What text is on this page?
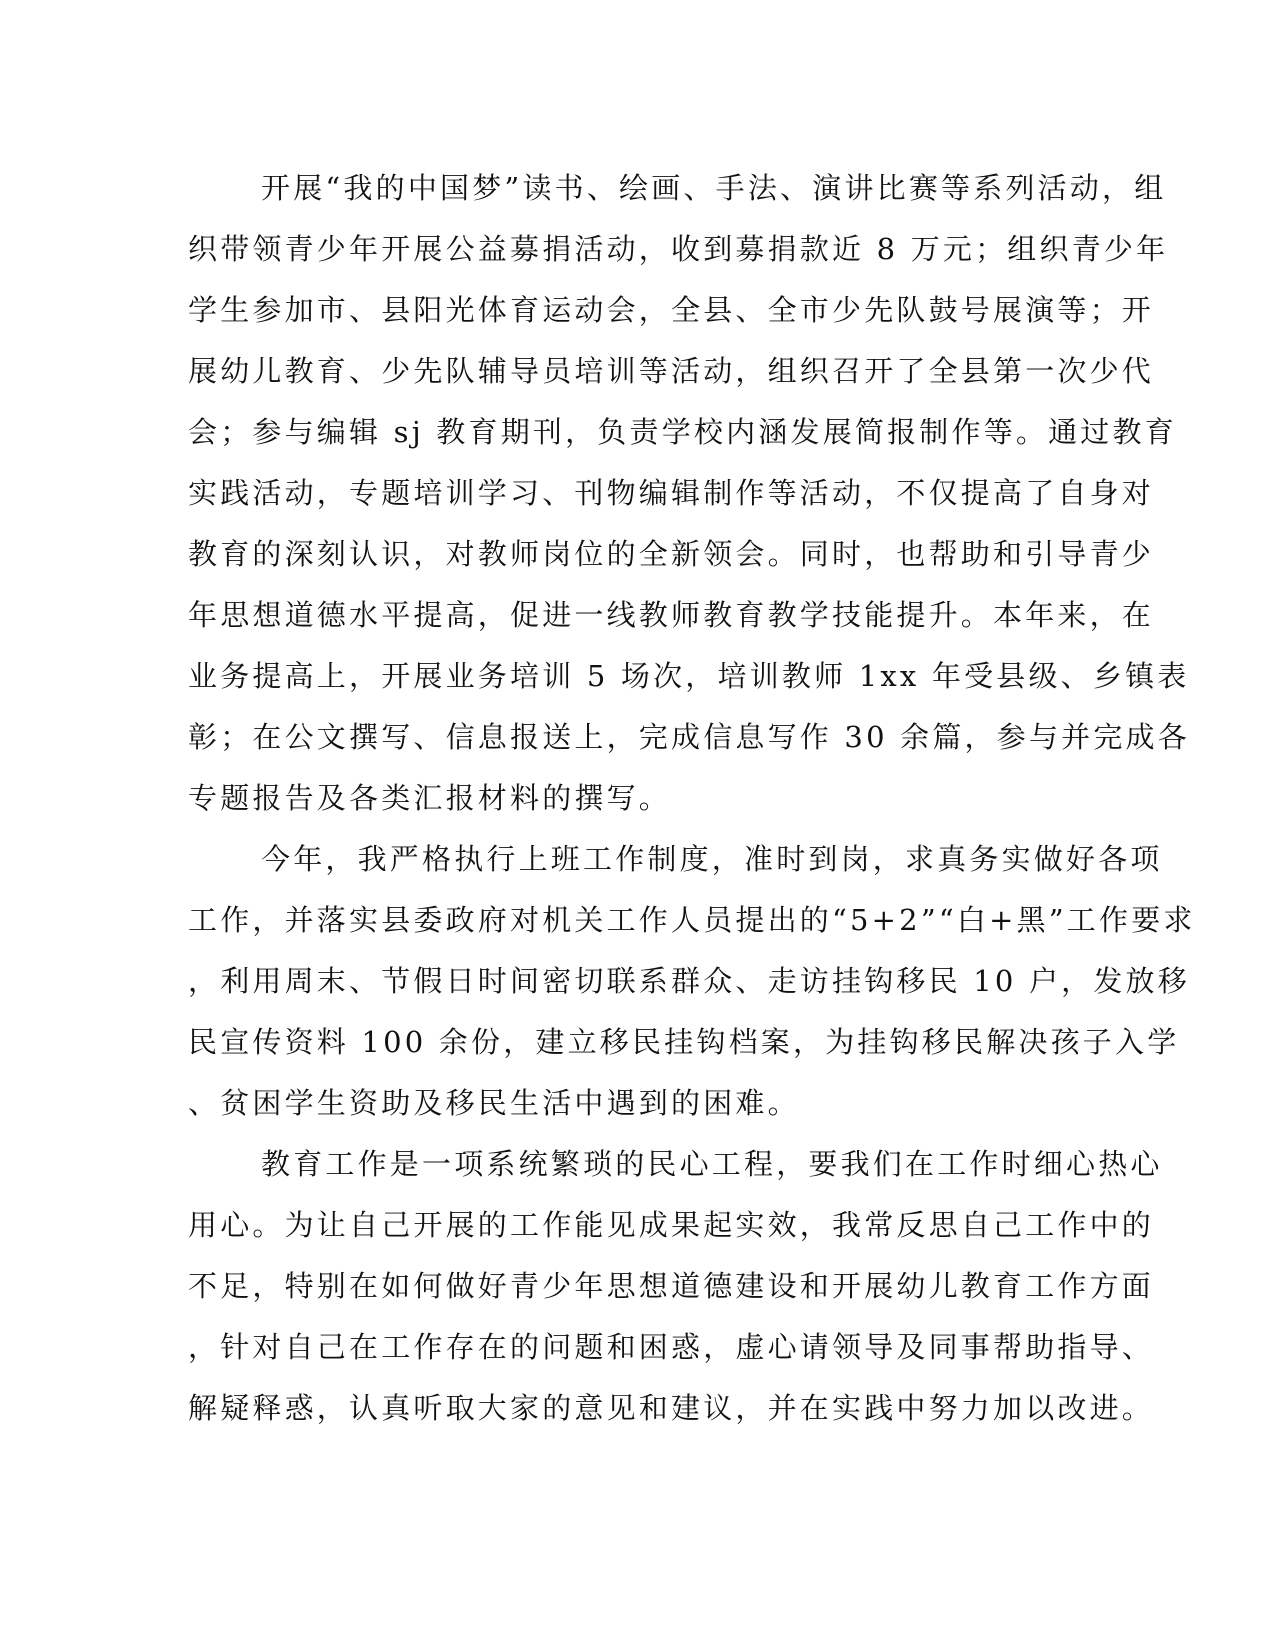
开展“我的中国梦”读书、绘画、手法、演讲比赛等系列活动，组
织带领青少年开展公益募捐活动，收到募捐款近 8 万元；组织青少年
学生参加市、县阳光体育运动会，全县、全市少先队鼓号展演等；开
展幼儿教育、少先队辅导员培训等活动，组织召开了全县第一次少代
会；参与编辑 sj 教育期刊，负责学校内涵发展简报制作等。通过教育
实践活动，专题培训学习、刊物编辑制作等活动，不仅提高了自身对
教育的深刻认识，对教师岗位的全新领会。同时，也帮助和引导青少
年思想道德水平提高，促进一线教师教育教学技能提升。本年来，在
业务提高上，开展业务培训 5 场次，培训教师 1xx 年受县级、乡镇表
彰；在公文撰写、信息报送上，完成信息写作 30 余篇，参与并完成各
专题报告及各类汇报材料的撰写。
今年，我严格执行上班工作制度，准时到岗，求真务实做好各项
工作，并落实县委政府对机关工作人员提出的“5+2”“白+黑”工作要求
，利用周末、节假日时间密切联系群众、走访挂钩移民 10 户，发放移
民宣传资料 100 余份，建立移民挂钩档案，为挂钩移民解决孩子入学
、贫困学生资助及移民生活中遇到的困难。
教育工作是一项系统繁琐的民心工程，要我们在工作时细心热心
用心。为让自己开展的工作能见成果起实效，我常反思自己工作中的
不足，特别在如何做好青少年思想道德建设和开展幼儿教育工作方面
，针对自己在工作存在的问题和困惑，虚心请领导及同事帮助指导、
解疑释惑，认真听取大家的意见和建议，并在实践中努力加以改进。
